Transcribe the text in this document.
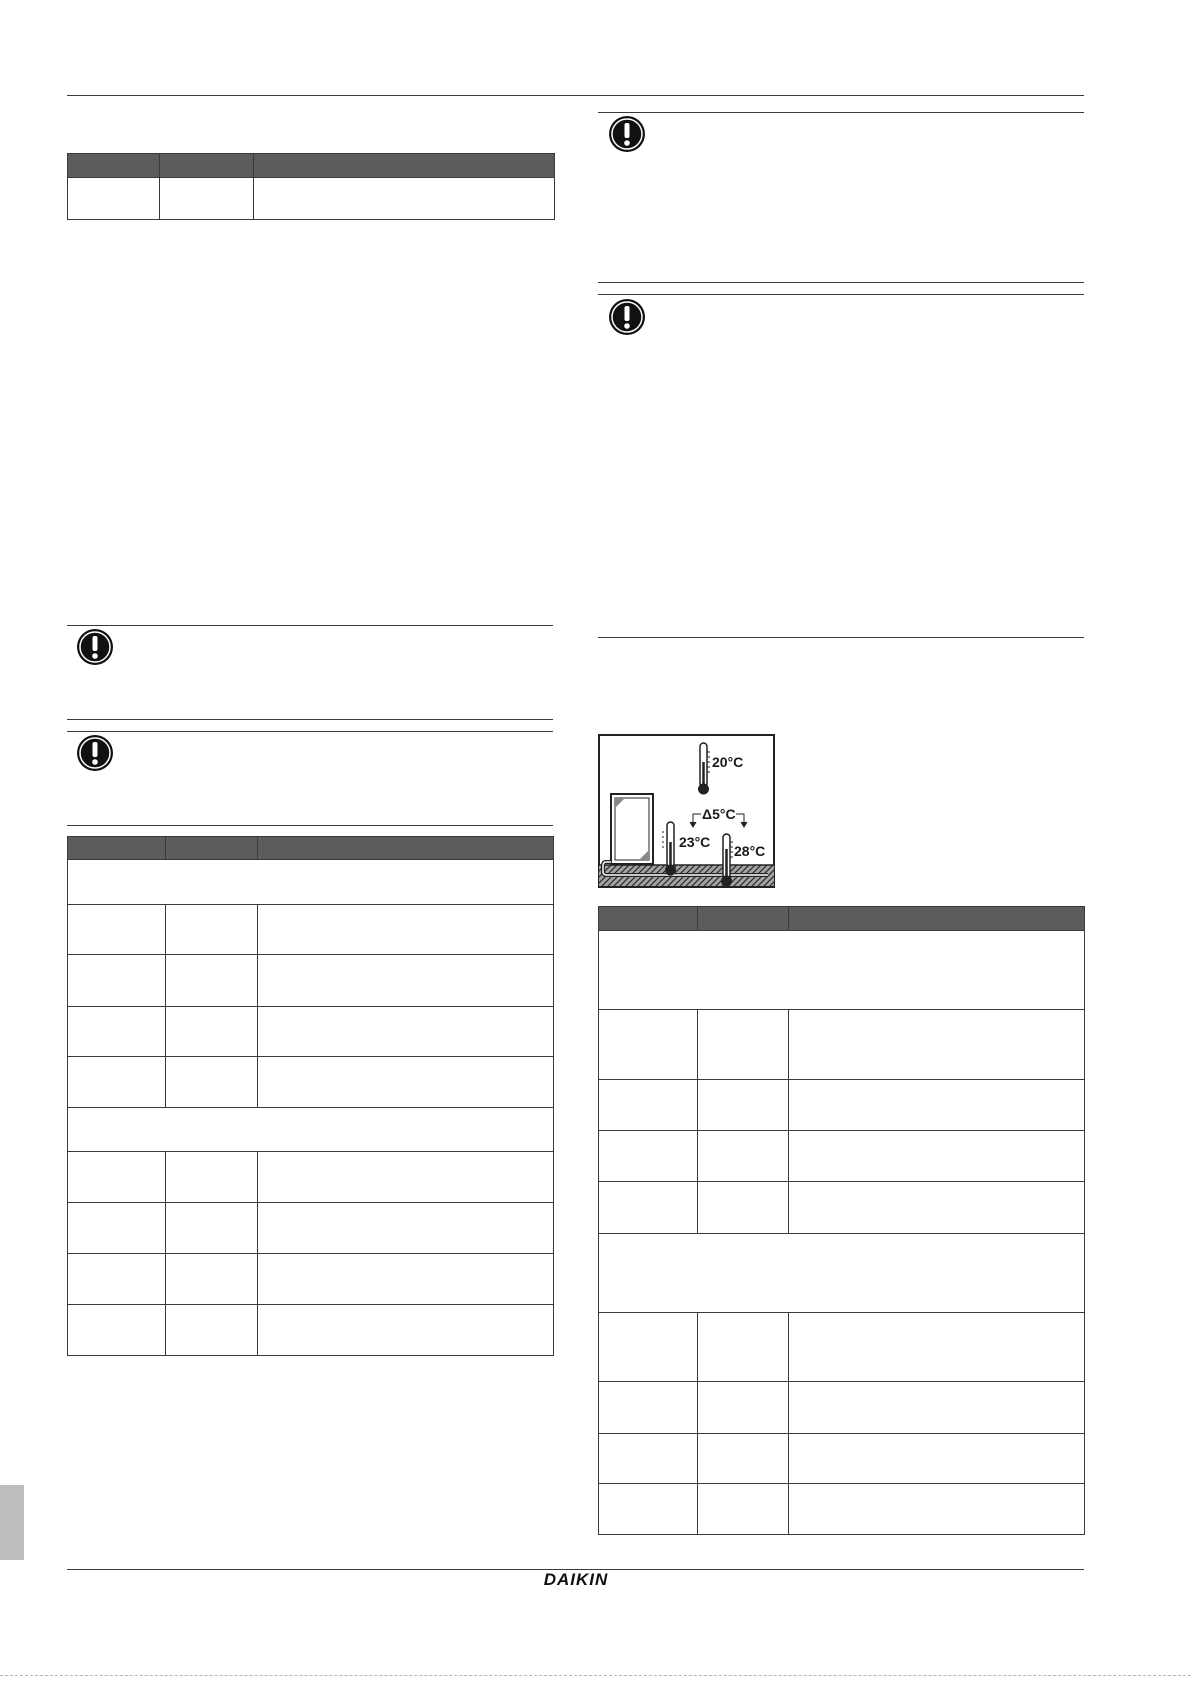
20°C
23°C
28°C
Δ5°C

DAIKIN
